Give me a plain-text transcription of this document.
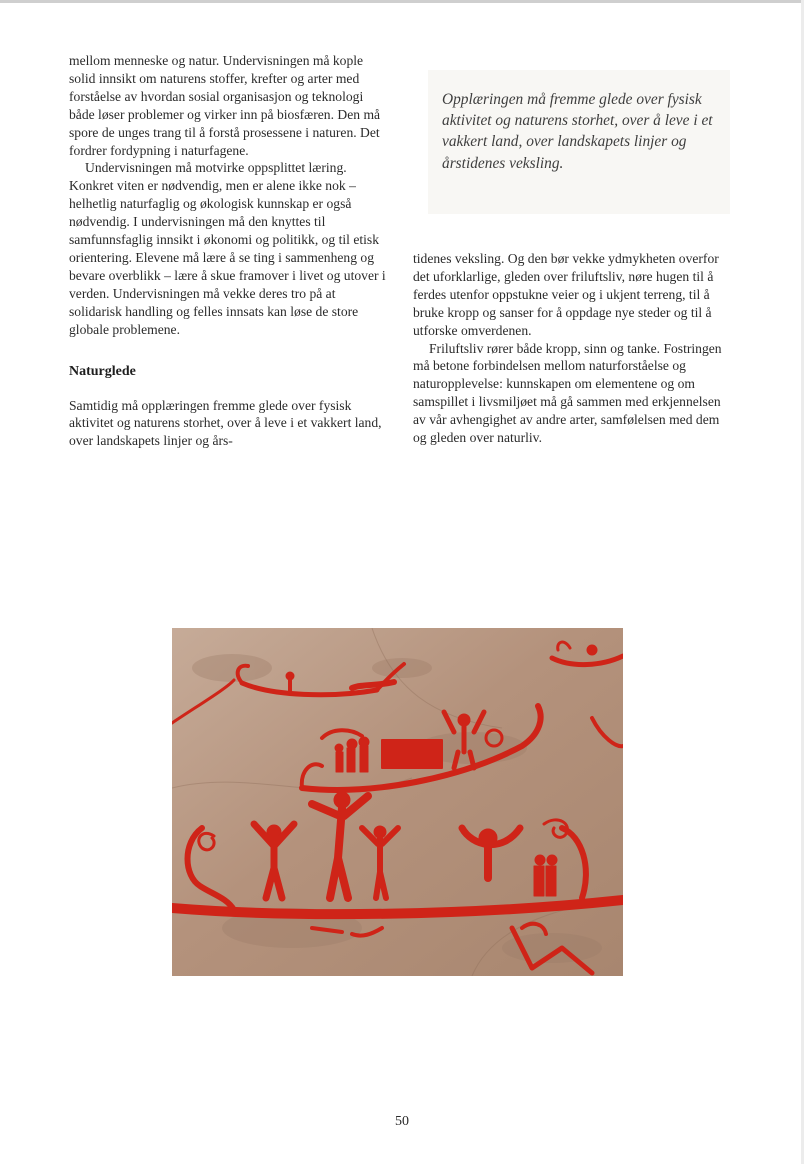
mellom menneske og natur. Undervisningen må kople solid innsikt om naturens stoffer, krefter og arter med forståelse av hvordan sosial organisasjon og teknologi både løser problemer og virker inn på biosfæren. Den må spore de unges trang til å forstå prosessene i naturen. Det fordrer fordypning i naturfagene.

Undervisningen må motvirke oppsplittet læring. Konkret viten er nødvendig, men er alene ikke nok – helhetlig naturfaglig og økologisk kunnskap er også nødvendig. I undervisningen må den knyttes til samfunnsfaglig innsikt i økonomi og politikk, og til etisk orientering. Elevene må lære å se ting i sammenheng og bevare overblikk – lære å skue framover i livet og utover i verden. Undervisningen må vekke deres tro på at solidarisk handling og felles innsats kan løse de store globale problemene.

Naturglede

Samtidig må opplæringen fremme glede over fysisk aktivitet og naturens storhet, over å leve i et vakkert land, over landskapets linjer og års-

Opplæringen må fremme glede over fysisk aktivitet og naturens storhet, over å leve i et vakkert land, over landskapets linjer og årstidenes veksling.

tidenes veksling. Og den bør vekke ydmykheten overfor det uforklarlige, gleden over friluftsliv, nøre hugen til å ferdes utenfor oppstukne veier og i ukjent terreng, til å bruke kropp og sanser for å oppdage nye steder og til å utforske omverdenen.

Friluftsliv rører både kropp, sinn og tanke. Fostringen må betone forbindelsen mellom naturforståelse og naturopplevelse: kunnskapen om elementene og om samspillet i livsmiljøet må gå sammen med erkjennelsen av vår avhengighet av andre arter, samfølelsen med dem og gleden over naturliv.

50
